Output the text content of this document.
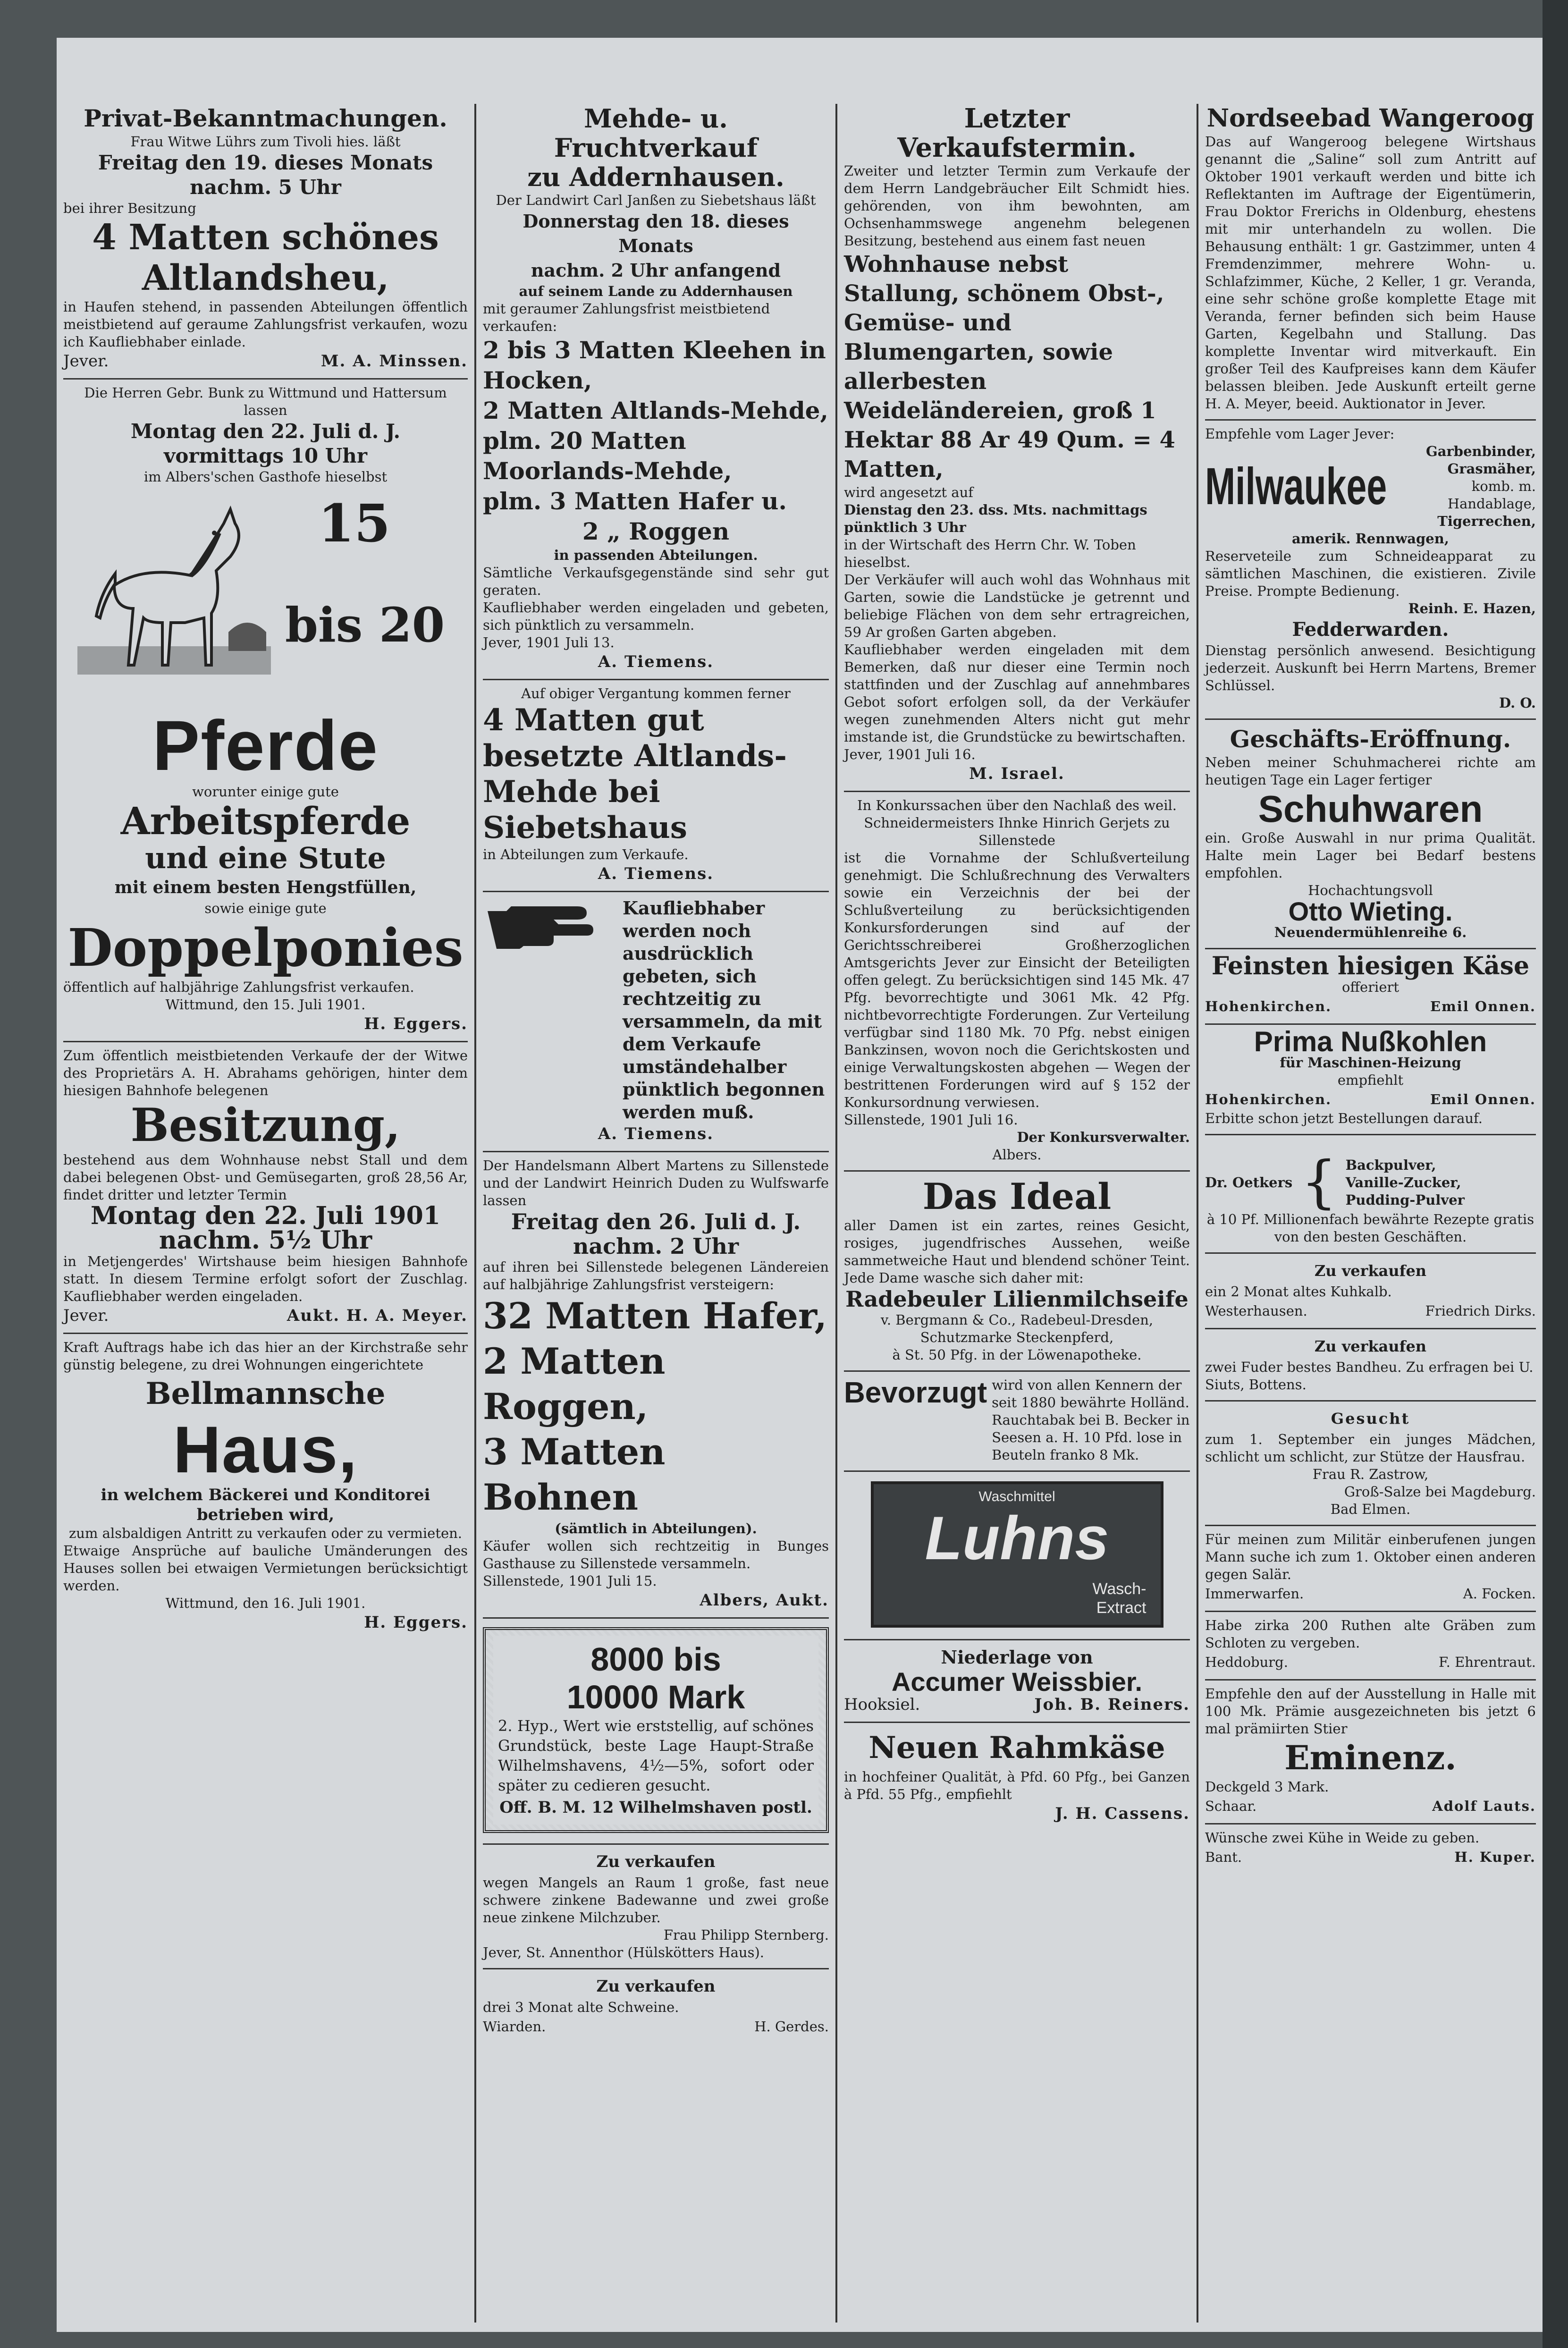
Privat-Bekanntmachungen.
Frau Witwe Lührs zum Tivoli hies. läßt
Freitag den 19. dieses Monats
nachm. 5 Uhr
bei ihrer Besitzung
4 Matten schönes
Altlandsheu,
in Haufen stehend, in passenden Abteilungen öffentlich meistbietend auf geraume Zahlungsfrist verkaufen, wozu ich Kaufliebhaber einlade.
Jever.	M. A. Minssen.
Die Herren Gebr. Bunk zu Wittmund und Hattersum lassen
Montag den 22. Juli d. J.
vormittags 10 Uhr
im Albers'schen Gasthofe hieselbst
15
bis 20
Pferde
worunter einige gute
Arbeitspferde
und eine Stute
mit einem besten Hengstfüllen,
sowie einige gute
Doppelponies
öffentlich auf halbjährige Zahlungsfrist verkaufen.
Wittmund, den 15. Juli 1901.
H. Eggers.
Zum öffentlich meistbietenden Verkaufe der der Witwe des Proprietärs A. H. Abrahams gehörigen, hinter dem hiesigen Bahnhofe belegenen
Besitzung,
bestehend aus dem Wohnhause nebst Stall und dem dabei belegenen Obst- und Gemüsegarten, groß 28,56 Ar, findet dritter und letzter Termin
Montag den 22. Juli 1901
nachm. 5½ Uhr
in Metjengerdes' Wirtshause beim hiesigen Bahnhofe statt. In diesem Termine erfolgt sofort der Zuschlag. Kaufliebhaber werden eingeladen.
Jever.	Aukt. H. A. Meyer.
Kraft Auftrags habe ich das hier an der Kirchstraße sehr günstig belegene, zu drei Wohnungen eingerichtete
Bellmannsche
Haus,
in welchem Bäckerei und Konditorei betrieben wird,
zum alsbaldigen Antritt zu verkaufen oder zu vermieten.
Etwaige Ansprüche auf bauliche Umänderungen des Hauses sollen bei etwaigen Vermietungen berücksichtigt werden.
Wittmund, den 16. Juli 1901.
H. Eggers.
Mehde- u. Fruchtverkauf
zu Addernhausen.
Der Landwirt Carl Janßen zu Siebetshaus läßt
Donnerstag den 18. dieses Monats
nachm. 2 Uhr anfangend
auf seinem Lande zu Addernhausen
mit geraumer Zahlungsfrist meistbietend verkaufen:
2 bis 3 Matten Kleehen in Hocken,
2 Matten Altlands-Mehde,
plm. 20 Matten Moorlands-Mehde,
plm. 3 Matten Hafer u.
2 „ Roggen
in passenden Abteilungen.
Sämtliche Verkaufsgegenstände sind sehr gut geraten.
Kaufliebhaber werden eingeladen und gebeten, sich pünktlich zu versammeln.
Jever, 1901 Juli 13.
A. Tiemens.
Auf obiger Vergantung kommen ferner
4 Matten gut besetzte Altlands-Mehde bei Siebetshaus
in Abteilungen zum Verkaufe.
A. Tiemens.
Kaufliebhaber werden noch ausdrücklich gebeten, sich rechtzeitig zu versammeln, da mit dem Verkaufe umständehalber pünktlich begonnen werden muß.
A. Tiemens.
Der Handelsmann Albert Martens zu Sillenstede und der Landwirt Heinrich Duden zu Wulfswarfe lassen
Freitag den 26. Juli d. J.
nachm. 2 Uhr
auf ihren bei Sillenstede belegenen Ländereien auf halbjährige Zahlungsfrist versteigern:
32 Matten Hafer,
2 Matten Roggen,
3 Matten Bohnen
(sämtlich in Abteilungen).
Käufer wollen sich rechtzeitig in Bunges Gasthause zu Sillenstede versammeln.
Sillenstede, 1901 Juli 15.
Albers, Aukt.
8000 bis
10000 Mark
2. Hyp., Wert wie erststellig, auf schönes Grundstück, beste Lage Haupt-Straße Wilhelmshavens, 4½—5%, sofort oder später zu cedieren gesucht.
Off. B. M. 12 Wilhelmshaven postl.
Zu verkaufen
wegen Mangels an Raum 1 große, fast neue schwere zinkene Badewanne und zwei große neue zinkene Milchzuber.
Frau Philipp Sternberg.
Jever, St. Annenthor (Hülskötters Haus).
Zu verkaufen
drei 3 Monat alte Schweine.
Wiarden.	H. Gerdes.
Letzter Verkaufstermin.
Zweiter und letzter Termin zum Verkaufe der dem Herrn Landgebräucher Eilt Schmidt hies. gehörenden, von ihm bewohnten, am Ochsenhammswege angenehm belegenen Besitzung, bestehend aus einem fast neuen
Wohnhause nebst Stallung, schönem Obst-, Gemüse- und Blumengarten, sowie allerbesten Weideländereien, groß 1 Hektar 88 Ar 49 Qum. = 4 Matten,
wird angesetzt auf
Dienstag den 23. dss. Mts. nachmittags pünktlich 3 Uhr
in der Wirtschaft des Herrn Chr. W. Toben hieselbst.
Der Verkäufer will auch wohl das Wohnhaus mit Garten, sowie die Landstücke je getrennt und beliebige Flächen von dem sehr ertragreichen, 59 Ar großen Garten abgeben.
Kaufliebhaber werden eingeladen mit dem Bemerken, daß nur dieser eine Termin noch stattfinden und der Zuschlag auf annehmbares Gebot sofort erfolgen soll, da der Verkäufer wegen zunehmenden Alters nicht gut mehr imstande ist, die Grundstücke zu bewirtschaften.
Jever, 1901 Juli 16.
M. Israel.
In Konkurssachen über den Nachlaß des weil. Schneidermeisters Ihnke Hinrich Gerjets zu Sillenstede
ist die Vornahme der Schlußverteilung genehmigt. Die Schlußrechnung des Verwalters sowie ein Verzeichnis der bei der Schlußverteilung zu berücksichtigenden Konkursforderungen sind auf der Gerichtsschreiberei Großherzoglichen Amtsgerichts Jever zur Einsicht der Beteiligten offen gelegt. Zu berücksichtigen sind 145 Mk. 47 Pfg. bevorrechtigte und 3061 Mk. 42 Pfg. nichtbevorrechtigte Forderungen. Zur Verteilung verfügbar sind 1180 Mk. 70 Pfg. nebst einigen Bankzinsen, wovon noch die Gerichtskosten und einige Verwaltungskosten abgehen — Wegen der bestrittenen Forderungen wird auf § 152 der Konkursordnung verwiesen.
Sillenstede, 1901 Juli 16.
Der Konkursverwalter.
Albers.
Das Ideal
aller Damen ist ein zartes, reines Gesicht, rosiges, jugendfrisches Aussehen, weiße sammetweiche Haut und blendend schöner Teint. Jede Dame wasche sich daher mit:
Radebeuler Lilienmilchseife
v. Bergmann & Co., Radebeul-Dresden, Schutzmarke Steckenpferd,
à St. 50 Pfg. in der Löwenapotheke.
Bevorzugt wird von allen Kennern der seit 1880 bewährte Holländ. Rauchtabak bei B. Becker in Seesen a. H. 10 Pfd. lose in Beuteln franko 8 Mk.
Waschmittel
Luhns
Wasch-
Extract
Niederlage von
Accumer Weissbier.
Hooksiel.	Joh. B. Reiners.
Neuen Rahmkäse
in hochfeiner Qualität, à Pfd. 60 Pfg., bei Ganzen à Pfd. 55 Pfg., empfiehlt
J. H. Cassens.
Nordseebad Wangeroog
Das auf Wangeroog belegene Wirtshaus genannt die „Saline“ soll zum Antritt auf Oktober 1901 verkauft werden und bitte ich Reflektanten im Auftrage der Eigentümerin, Frau Doktor Frerichs in Oldenburg, ehestens mit mir unterhandeln zu wollen. Die Behausung enthält: 1 gr. Gastzimmer, unten 4 Fremdenzimmer, mehrere Wohn- u. Schlafzimmer, Küche, 2 Keller, 1 gr. Veranda, eine sehr schöne große komplette Etage mit Veranda, ferner befinden sich beim Hause Garten, Kegelbahn und Stallung. Das komplette Inventar wird mitverkauft. Ein großer Teil des Kaufpreises kann dem Käufer belassen bleiben. Jede Auskunft erteilt gerne H. A. Meyer, beeid. Auktionator in Jever.
Empfehle vom Lager Jever:
Milwaukee
Garbenbinder,
Grasmäher,
komb. m. Handablage,
Tigerrechen,
amerik. Rennwagen,
Reserveteile zum Schneideapparat zu sämtlichen Maschinen, die existieren. Zivile Preise. Prompte Bedienung.
Reinh. E. Hazen,
Fedderwarden.
Dienstag persönlich anwesend. Besichtigung jederzeit. Auskunft bei Herrn Martens, Bremer Schlüssel.
D. O.
Geschäfts-Eröffnung.
Neben meiner Schuhmacherei richte am heutigen Tage ein Lager fertiger
Schuhwaren
ein. Große Auswahl in nur prima Qualität. Halte mein Lager bei Bedarf bestens empfohlen.
Hochachtungsvoll
Otto Wieting.
Neuendermühlenreihe 6.
Feinsten hiesigen Käse
offeriert
Hohenkirchen.	Emil Onnen.
Prima Nußkohlen
für Maschinen-Heizung
empfiehlt
Hohenkirchen.	Emil Onnen.
Erbitte schon jetzt Bestellungen darauf.
Dr. Oetkers { Backpulver,
Vanille-Zucker,
Pudding-Pulver
à 10 Pf. Millionenfach bewährte Rezepte gratis von den besten Geschäften.
Zu verkaufen
ein 2 Monat altes Kuhkalb.
Westerhausen.	Friedrich Dirks.
Zu verkaufen
zwei Fuder bestes Bandheu. Zu erfragen bei U. Siuts, Bottens.
Gesucht
zum 1. September ein junges Mädchen, schlicht um schlicht, zur Stütze der Hausfrau.
Frau R. Zastrow,
Groß-Salze bei Magdeburg.
Bad Elmen.
Für meinen zum Militär einberufenen jungen Mann suche ich zum 1. Oktober einen anderen gegen Salär.
Immerwarfen.	A. Focken.
Habe zirka 200 Ruthen alte Gräben zum Schloten zu vergeben.
Heddoburg.	F. Ehrentraut.
Empfehle den auf der Ausstellung in Halle mit 100 Mk. Prämie ausgezeichneten bis jetzt 6 mal prämiirten Stier
Eminenz.
Deckgeld 3 Mark.
Schaar.	Adolf Lauts.
Wünsche zwei Kühe in Weide zu geben.
Bant.	H. Kuper.
